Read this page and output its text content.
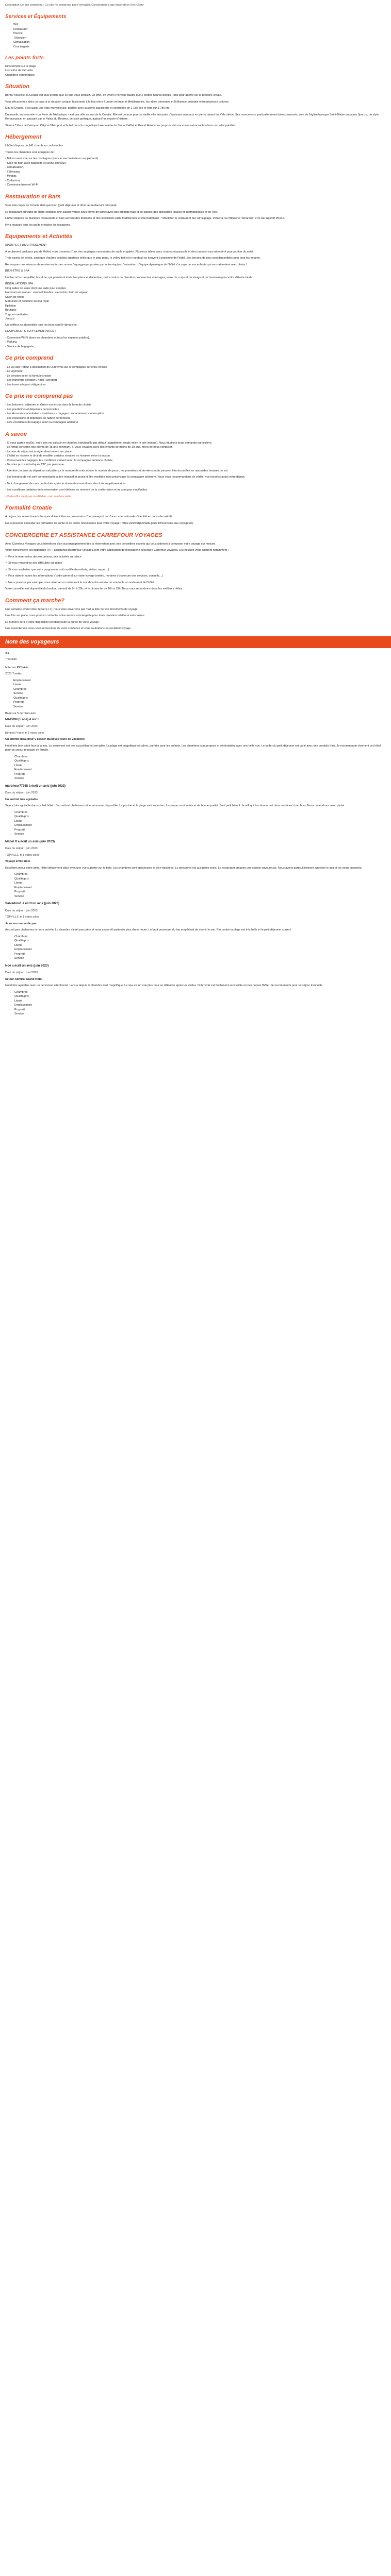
Description Ce prix comprend : Ce prix ne comprend pas Formalités Conciergerie Logo Impératrice Avis Client

Services et Équipements
• Wifi
• Restaurant
• Piscine
• Télévision
• Climatisation
• Conciergerie
Les points forts

Directement sur la plage

Les soins de bien-être

Chambres confortables

Situation

Bonne nouvelle, la Croatie est plus proche que ce que vous pensez. En effet, en avion il ne vous faudra que 2 petites heures depuis Paris pour atterrir sur le territoire croate.

Vous découvrirez alors un pays à la situation unique, fascinante à la fois entre Europe centrale et Méditerranée, les alpes orientales et l'influence orientale entre plusieurs cultures.

Mini la Croatie, c'est aussi une côte merveilleuse, bordée avec la sainte sauliseerie et constellée de 1 185 îles et îlots sur 1 780 km.

Dubrovnik, surnommée « La Perle de l'Adriatique » est une ville au sud de la Croatie. Elle est connue pour sa vieille ville entourée d'épaisses remparts en pierre datant du XVIe siècle. Ses monuments, particulièrement bien conservés, sont de l'église baroque Saint-Blaise au palais Sponza, de style Renaissance, en passant par le Palais du Recteur, de style gothique, aujourd'hui musée d'histoire.

Situé à 3 Kms de l'aéroport Ćilipi et l'Aéroport et le bel dans le magnifique baie intacte de Slano, l'Hôtel et Grand Hotel vous propose des vacances mémorables dans un cadre paisible.

Hébergement

L'hôtel dispose de 141 chambres confortables.

Toutes les chambres sont équipées de :

- Balcon avec vue sur les montagnes (ou vue mer latérale en supplément)

- Salle de bain avec baignoire et sèche-cheveux,

- Climatisation,

- Télévision,

- Minibar,

- Coffre-fort,

- Connexion Internet Wi-Fi

Restauration et Bars

Vous êtes logés en formule demi-pension (petit déjeuner et dîner au restaurant principal).

Le restaurant principal de l'hôtel propose une cuisine variée sous forme de buffet avec des produits frais et de saison, des spécialités locales et internationales et de l'été.

L'hôtel dispose de plusieurs restaurants et bars servant des boissons et des spécialités plats traditionnels et internationaux : "Maritime" le restaurant bar sur la plage, Pizzeria, la Pâtisserie "Amarena" et le bar Aperitif-Phone.

Il y a toujours tous les goûts et toutes les occasions.

Equipements et Activités

SPORTS ET DIVERTISSEMENT

A seulement quelques pas de l'hôtel, vous trouverez l'une des sa plages ravissantes de sable et galets. Plusieurs tables avec chaises et parasols et des transats vous attendent pour profiter du soleil.

Trois courts de tennis, ainsi que d'autres activités sportives telles que le ping-pong, le volley-ball et le handball se trouvent à proximité de l'hôtel. Ses terrains de jeux sont disponibles pour tous les enfants.

Remarquez nos séances de remise en forme comme l'aquagym proposées par notre équipe d'animation. L'équipe dynamique de l'hôtel s'occupe de vos enfants qui vous attendent avec plaisir !

BIEN-ÊTRE & SPA

Un lieu où la tranquillité, le calme, qui prendront toute leur place et d'attention, notre centre de bien-être propose des massages, soins du corps et du visage et un hammam pour votre détente totale.

INSTALLATIONS SPA :

Cinq salles de soins dont une salle pour couples

Hammam et saunas : sauna finlandais, sauna bio, bain de vapeur

Salon de repos

Manucure et pédicure au spa royal

Epilation

Boutique

Yoga et méditation

Jacuzzi

Un coiffeur est disponible tous les jours sauf le dimanche.

EQUIPEMENTS SUPPLEMENTAIRES :

- Connexion Wi-Fi (dans les chambres et tous les espaces publics),

- Parking,

- Service de bagagerie,

Ce prix comprend

- Le vol aller-retour à destination de Dubrovnik sur la compagnie aérienne choisie

- Le logement

- Le pension selon la formule choisie

- Les transferts aéroport / hôtel / aéroport

- Les taxes aéroport obligatoires

Ce prix ne comprend pas

- Les boissons, déjeuner et dîners non inclus dans la formule choisie

- Les pourboires et dépenses personnelles

- Les Assurance annulation - assistance - bagages - rapatriement - interruption

- Les excursions et dépenses de nature personnelle

- Le/s excédent/s de bagage selon la compagnie aérienne

A savoir

- Si vous partez seul(e), votre prix est calculé en chambre individuelle par défaut (supplément single selon le prix indiqué). Nous étudions toute demande particulière.

- Le forfait concerne des clients de 18 ans minimum. Si vous voyagez avec des enfants de moins de 18 ans, merci de nous contacter.

- La taxe de séjour est à régler directement sur place.

- L'hôtel se réserve le droit de modifier certains services ou horaires selon la saison.

- Concernant les bagages, les conditions varient selon la compagnie aérienne choisie.

- Tous les prix sont indiqués TTC par personne.

- Attention, la date du départ est calculée sur le nombre de nuits et non le nombre de jours ; les premières et dernières nuits peuvent être écourtées en raison des horaires de vol.

- Les horaires de vol sont communiqués à titre indicatif et peuvent être modifiés sans préavis par la compagnie aérienne. Nous vous recommandons de vérifier vos horaires avant votre départ.

- Tout changement de nom ou de date après la réservation entraînera des frais supplémentaires.

- Les conditions tarifaires de la réservation sont définies au moment de la confirmation et ne sont pas modifiables.

- Cette offre n'est pas modifiable - non remboursable

Formalité Croatie

A ce jour, les ressortissants français doivent être en possession d'un passeport ou d'une carte nationale d'identité en cours de validité.

Nous pouvons consulter les formalités de santé et de police nécessaires pour votre voyage : https://www.diplomatie.gouv.fr/fr/conseils-aux-voyageurs/

CONCIERGERIE ET ASSISTANCE CARREFOUR VOYAGES

Avec Carrefour Voyages vous bénéficiez d'un accompagnement dès la réservation avec des conseillers experts qui vous aideront à composer votre voyage sur mesure.

Votre conciergerie est disponible 7j/7 : assistance@carrefour-voyages.com votre application de messagerie sécurisée Carrefour Voyages. Les équipes vous aideront notamment :

✓ Pour la réservation des excursions, des activités sur place

✓ Si vous rencontrez des difficultés sur place

✓ Si vous souhaitez que votre programme soit modifié (transferts, visites, repas…)

✓ Pour obtenir toutes les informations d'ordre général sur votre voyage (météo, horaires d'ouverture des services, conseils…)

✓ Nous pouvons par exemple, vous réserver un restaurant le soir de votre arrivée ou une table au restaurant de l'hôtel.

Votre conseiller est disponible du lundi au samedi de 9h à 20h, et le dimanche de 10h à 19h. Nous vous répondrons dans les meilleurs délais.

Comment ça marche?

Une semaine avant votre départ (J-7), nous vous enverrons par mail la liste de vos documents de voyage.

Une fois sur place, vous pourrez contacter notre service conciergerie pour toute question relative à votre séjour.

Le numéro sera à votre disposition pendant toute la durée de votre voyage.

Une nouvelle fois, nous vous remercions de votre confiance et vous souhaitons un excellent voyage.

Note des voyageurs

4.6

Très bien

hotel sur PPS Avis

2023 Trustés

• Emplacement
• Literie
• Chambres
• Service
• Qualité/prix
• Propreté
• Service

Basé sur 5 derniers avis

MAISON (5 ans) 4 sur 5

Date du séjour : juin 2023

Bonnes Prairie ★ 1 votes utiles

Un endroit idéal pour y passer quelques jours de vacances

Hôtel très bien situé face à la mer. Le personnel est très accueillant et serviable. La plage est magnifique et calme, parfaite pour les enfants. Les chambres sont propres et confortables avec une belle vue. Le buffet du petit déjeuner est varié avec des produits frais. Je recommande vivement cet hôtel pour un séjour reposant en famille.

• Chambres
• Qualité/prix
• Literie
• Emplacement
• Propreté
• Service

marcheur77358 à écrit un avis (juin 2023)

Date du séjour : juin 2023

Un endroit très agréable

Séjour très agréable dans ce bel hôtel. L'accueil est chaleureux et le personnel disponible. La piscine et la plage sont superbes. Les repas sont variés et de bonne qualité. Seul petit bémol : le wifi qui fonctionne mal dans certaines chambres. Nous reviendrons avec plaisir.

• Chambres
• Qualité/prix
• Literie
• Emplacement
• Propreté
• Service

Mabel R a écrit un avis (juin 2023)

Date du séjour : juin 2023

TOPVILLE ★ 1 votes utiles

Voyage entre amis

Excellent séjour entre amis. Hôtel idéalement situé avec une vue superbe sur la baie. Les chambres sont spacieuses et bien équipées. Le personnel est aux petits soins. Le restaurant propose une cuisine savoureuse. Nous avons particulièrement apprécié le spa et les soins proposés.

• Chambres
• Qualité/prix
• Literie
• Emplacement
• Propreté
• Service

Salvadore1 à écrit un avis (juin 2023)

Date du séjour : juin 2023

TOPVILLE ★ 1 votes utiles

Je ne recommande pas

Accueil peu chaleureux à notre arrivée. La chambre n'était pas prête et nous avons dû patienter plus d'une heure. Le bruit provenant du bar empêchait de dormir le soir. Par contre la plage est très belle et le petit déjeuner correct.

• Chambres
• Qualité/prix
• Literie
• Emplacement
• Propreté
• Service

Noé a écrit un avis (juin 2023)

Date du séjour : mai 2023

Séjour Admiral Grand Hotel

Hôtel très agréable avec un personnel attentionné. La vue depuis la chambre était magnifique. Le spa est un vrai plus pour se détendre après les visites. Dubrovnik est facilement accessible en bus depuis l'hôtel. Je recommande pour un séjour tranquille.

• Chambres
• Qualité/prix
• Literie
• Emplacement
• Propreté
• Service
